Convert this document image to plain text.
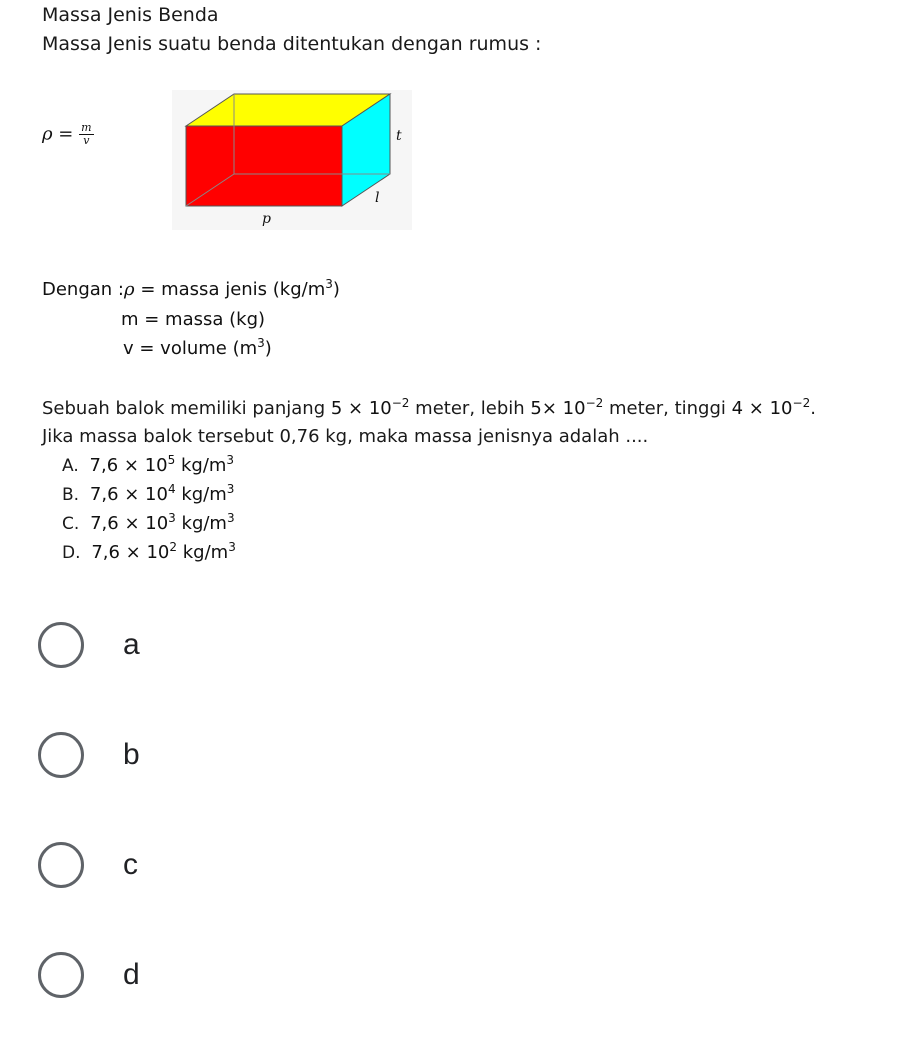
Massa Jenis Benda
Massa Jenis suatu benda ditentukan dengan rumus :
$\rho = \frac{m}{v}$	t
l
p
Dengan :ρ = massa jenis $(kg/m^3)$
m = massa (kg)
v = volume $(m^3)$
Sebuah balok memiliki panjang $5 \times 10^{-2}$ meter, lebih $5\times 10^{-2}$ meter, tinggi $4 \times 10^{-2}$.
Jika massa balok tersebut 0,76 kg, maka massa jenisnya adalah ....
A. $7,6 \times 10^5$ $kg/m^3$
B. $7,6 \times 10^4$ $kg/m^3$
C. $7,6 \times 10^3$ $kg/m^3$
D. $7,6 \times 10^2$ $kg/m^3$
a
b
c
d
